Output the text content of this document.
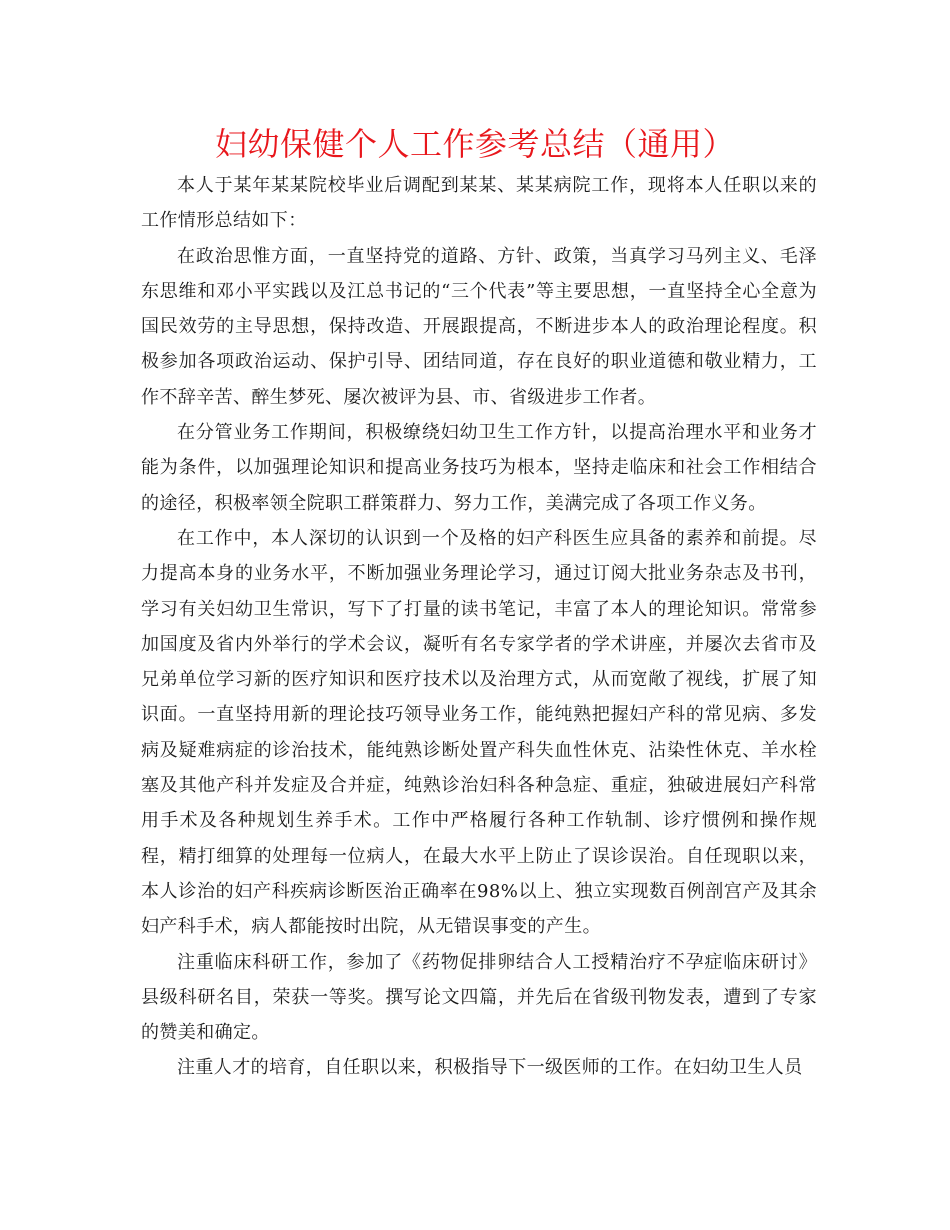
妇幼保健个人工作参考总结（通用）

本人于某年某某院校毕业后调配到某某、某某病院工作，现将本人任职以来的工作情形总结如下：

在政治思惟方面，一直坚持党的道路、方针、政策，当真学习马列主义、毛泽东思维和邓小平实践以及江总书记的“三个代表”等主要思想，一直坚持全心全意为国民效劳的主导思想，保持改造、开展跟提高，不断进步本人的政治理论程度。积极参加各项政治运动、保护引导、团结同道，存在良好的职业道德和敬业精力，工作不辞辛苦、醉生梦死、屡次被评为县、市、省级进步工作者。

在分管业务工作期间，积极缭绕妇幼卫生工作方针，以提高治理水平和业务才能为条件，以加强理论知识和提高业务技巧为根本，坚持走临床和社会工作相结合的途径，积极率领全院职工群策群力、努力工作，美满完成了各项工作义务。

在工作中，本人深切的认识到一个及格的妇产科医生应具备的素养和前提。尽力提高本身的业务水平，不断加强业务理论学习，通过订阅大批业务杂志及书刊，学习有关妇幼卫生常识，写下了打量的读书笔记，丰富了本人的理论知识。常常参加国度及省内外举行的学术会议，凝听有名专家学者的学术讲座，并屡次去省市及兄弟单位学习新的医疗知识和医疗技术以及治理方式，从而宽敞了视线，扩展了知识面。一直坚持用新的理论技巧领导业务工作，能纯熟把握妇产科的常见病、多发病及疑难病症的诊治技术，能纯熟诊断处置产科失血性休克、沾染性休克、羊水栓塞及其他产科并发症及合并症，纯熟诊治妇科各种急症、重症，独破进展妇产科常用手术及各种规划生养手术。工作中严格履行各种工作轨制、诊疗惯例和操作规程，精打细算的处理每一位病人，在最大水平上防止了误诊误治。自任现职以来，本人诊治的妇产科疾病诊断医治正确率在98%以上、独立实现数百例剖宫产及其余妇产科手术，病人都能按时出院，从无错误事变的产生。

注重临床科研工作，参加了《药物促排卵结合人工授精治疗不孕症临床研讨》县级科研名目，荣获一等奖。撰写论文四篇，并先后在省级刊物发表，遭到了专家的赞美和确定。

注重人才的培育，自任职以来，积极指导下一级医师的工作。在妇幼卫生人员
